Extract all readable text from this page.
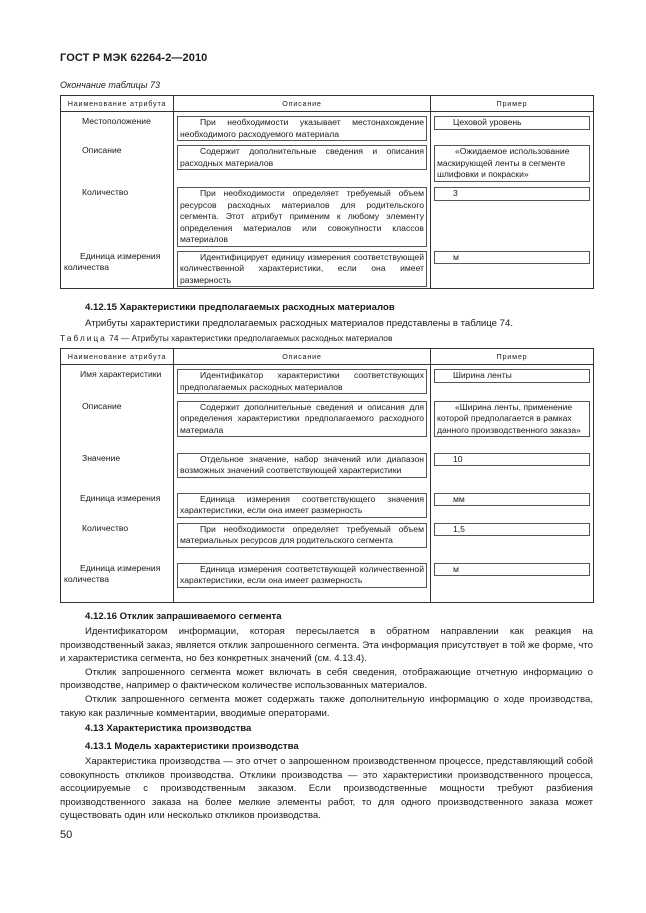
ГОСТ Р МЭК 62264-2—2010
Окончание таблицы 73
Наименование атрибута	Описание	Пример

Местоположение	При необходимости указывает местонахождение необходимого расходуемого материала	Цеховой уровень

Описание	Содержит дополнительные сведения и описания расходных материалов	«Ожидаемое использование маскирующей ленты в сегменте шлифовки и покраски»

Количество	При необходимости определяет требуемый объем ресурсов расходных материалов для родительского сегмента. Этот атрибут применим к любому элементу определения материалов или совокупности классов материалов	3

Единица измерения количества	Идентифицирует единицу измерения соответствующей количественной характеристики, если она имеет размерность	м
4.12.15 Характеристики предполагаемых расходных материалов

Атрибуты характеристики предполагаемых расходных материалов представлены в таблице 74.

Таблица 74 — Атрибуты характеристики предполагаемых расходных материалов
Наименование атрибута	Описание	Пример

Имя характеристики	Идентификатор характеристики соответствующих предполагаемых расходных материалов	Ширина ленты

Описание	Содержит дополнительные сведения и описания для определения характеристики предполагаемого расходного материала	«Ширина ленты, применение которой предполагается в рамках данного производственного заказа»

Значение	Отдельное значение, набор значений или диапазон возможных значений соответствующей характеристики	10

Единица измерения	Единица измерения соответствующего значения характеристики, если она имеет размерность	мм

Количество	При необходимости определяет требуемый объем материальных ресурсов для родительского сегмента	1,5

Единица измерения количества	Единица измерения соответствующей количественной характеристики, если она имеет размерность	м
4.12.16 Отклик запрашиваемого сегмента

Идентификатором информации, которая пересылается в обратном направлении как реакция на производственный заказ, является отклик запрошенного сегмента. Эта информация присутствует в той же форме, что и характеристика сегмента, но без конкретных значений (см. 4.13.4).

Отклик запрошенного сегмента может включать в себя сведения, отображающие отчетную информацию о производстве, например о фактическом количестве использованных материалов.

Отклик запрошенного сегмента может содержать также дополнительную информацию о ходе производства, такую как различные комментарии, вводимые операторами.

4.13 Характеристика производства
4.13.1 Модель характеристики производства

Характеристика производства — это отчет о запрошенном производственном процессе, представляющий собой совокупность откликов производства. Отклики производства — это характеристики производственного процесса, ассоциируемые с производственным заказом. Если производственные мощности требуют разбиения производственного заказа на более мелкие элементы работ, то для одного производственного заказа может существовать один или несколько откликов производства.

50
